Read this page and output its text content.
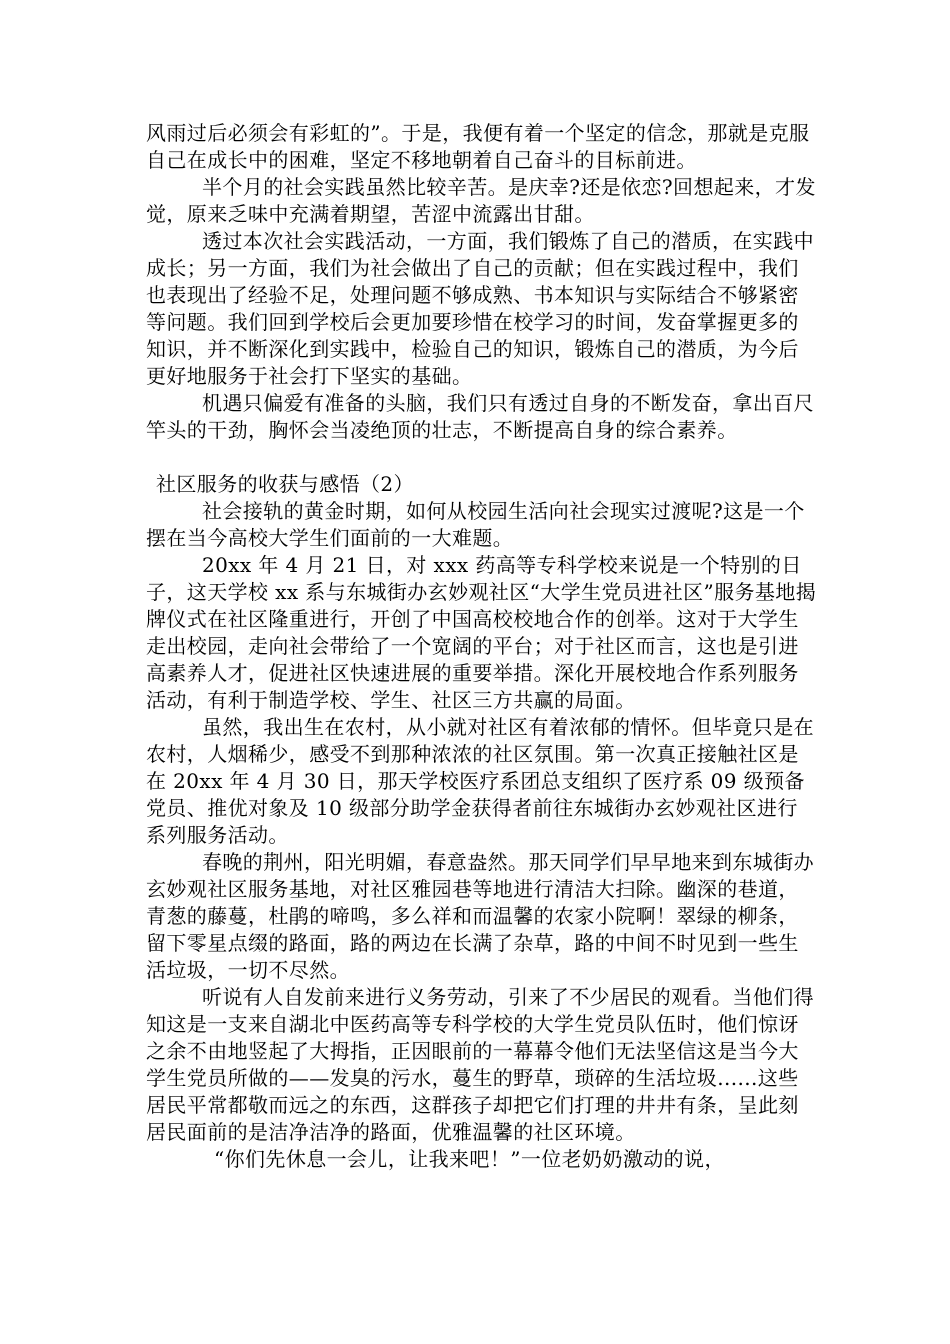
风雨过后必须会有彩虹的”。于是，我便有着一个坚定的信念，那就是克服自己在成长中的困难，坚定不移地朝着自己奋斗的目标前进。

半个月的社会实践虽然比较辛苦。是庆幸?还是依恋?回想起来，才发觉，原来乏味中充满着期望，苦涩中流露出甘甜。

透过本次社会实践活动，一方面，我们锻炼了自己的潜质，在实践中成长；另一方面，我们为社会做出了自己的贡献；但在实践过程中，我们也表现出了经验不足，处理问题不够成熟、书本知识与实际结合不够紧密等问题。我们回到学校后会更加要珍惜在校学习的时间，发奋掌握更多的知识，并不断深化到实践中，检验自己的知识，锻炼自己的潜质，为今后更好地服务于社会打下坚实的基础。

机遇只偏爱有准备的头脑，我们只有透过自身的不断发奋，拿出百尺竿头的干劲，胸怀会当凌绝顶的壮志，不断提高自身的综合素养。

社区服务的收获与感悟（2）

社会接轨的黄金时期，如何从校园生活向社会现实过渡呢?这是一个摆在当今高校大学生们面前的一大难题。

20xx 年 4 月 21 日，对 xxx 药高等专科学校来说是一个特别的日子，这天学校 xx 系与东城街办玄妙观社区“大学生党员进社区”服务基地揭牌仪式在社区隆重进行，开创了中国高校校地合作的创举。这对于大学生走出校园，走向社会带给了一个宽阔的平台；对于社区而言，这也是引进高素养人才，促进社区快速进展的重要举措。深化开展校地合作系列服务活动，有利于制造学校、学生、社区三方共赢的局面。

虽然，我出生在农村，从小就对社区有着浓郁的情怀。但毕竟只是在农村，人烟稀少，感受不到那种浓浓的社区氛围。第一次真正接触社区是在 20xx 年 4 月 30 日，那天学校医疗系团总支组织了医疗系 09 级预备党员、推优对象及 10 级部分助学金获得者前往东城街办玄妙观社区进行系列服务活动。

春晚的荆州，阳光明媚，春意盎然。那天同学们早早地来到东城街办玄妙观社区服务基地，对社区雅园巷等地进行清洁大扫除。幽深的巷道，青葱的藤蔓，杜鹃的啼鸣，多么祥和而温馨的农家小院啊！翠绿的柳条，留下零星点缀的路面，路的两边在长满了杂草，路的中间不时见到一些生活垃圾，一切不尽然。

听说有人自发前来进行义务劳动，引来了不少居民的观看。当他们得知这是一支来自湖北中医药高等专科学校的大学生党员队伍时，他们惊讶之余不由地竖起了大拇指，正因眼前的一幕幕令他们无法坚信这是当今大学生党员所做的——发臭的污水，蔓生的野草，琐碎的生活垃圾......这些居民平常都敬而远之的东西，这群孩子却把它们打理的井井有条，呈此刻居民面前的是洁净洁净的路面，优雅温馨的社区环境。

“你们先休息一会儿，让我来吧！”一位老奶奶激动的说，
